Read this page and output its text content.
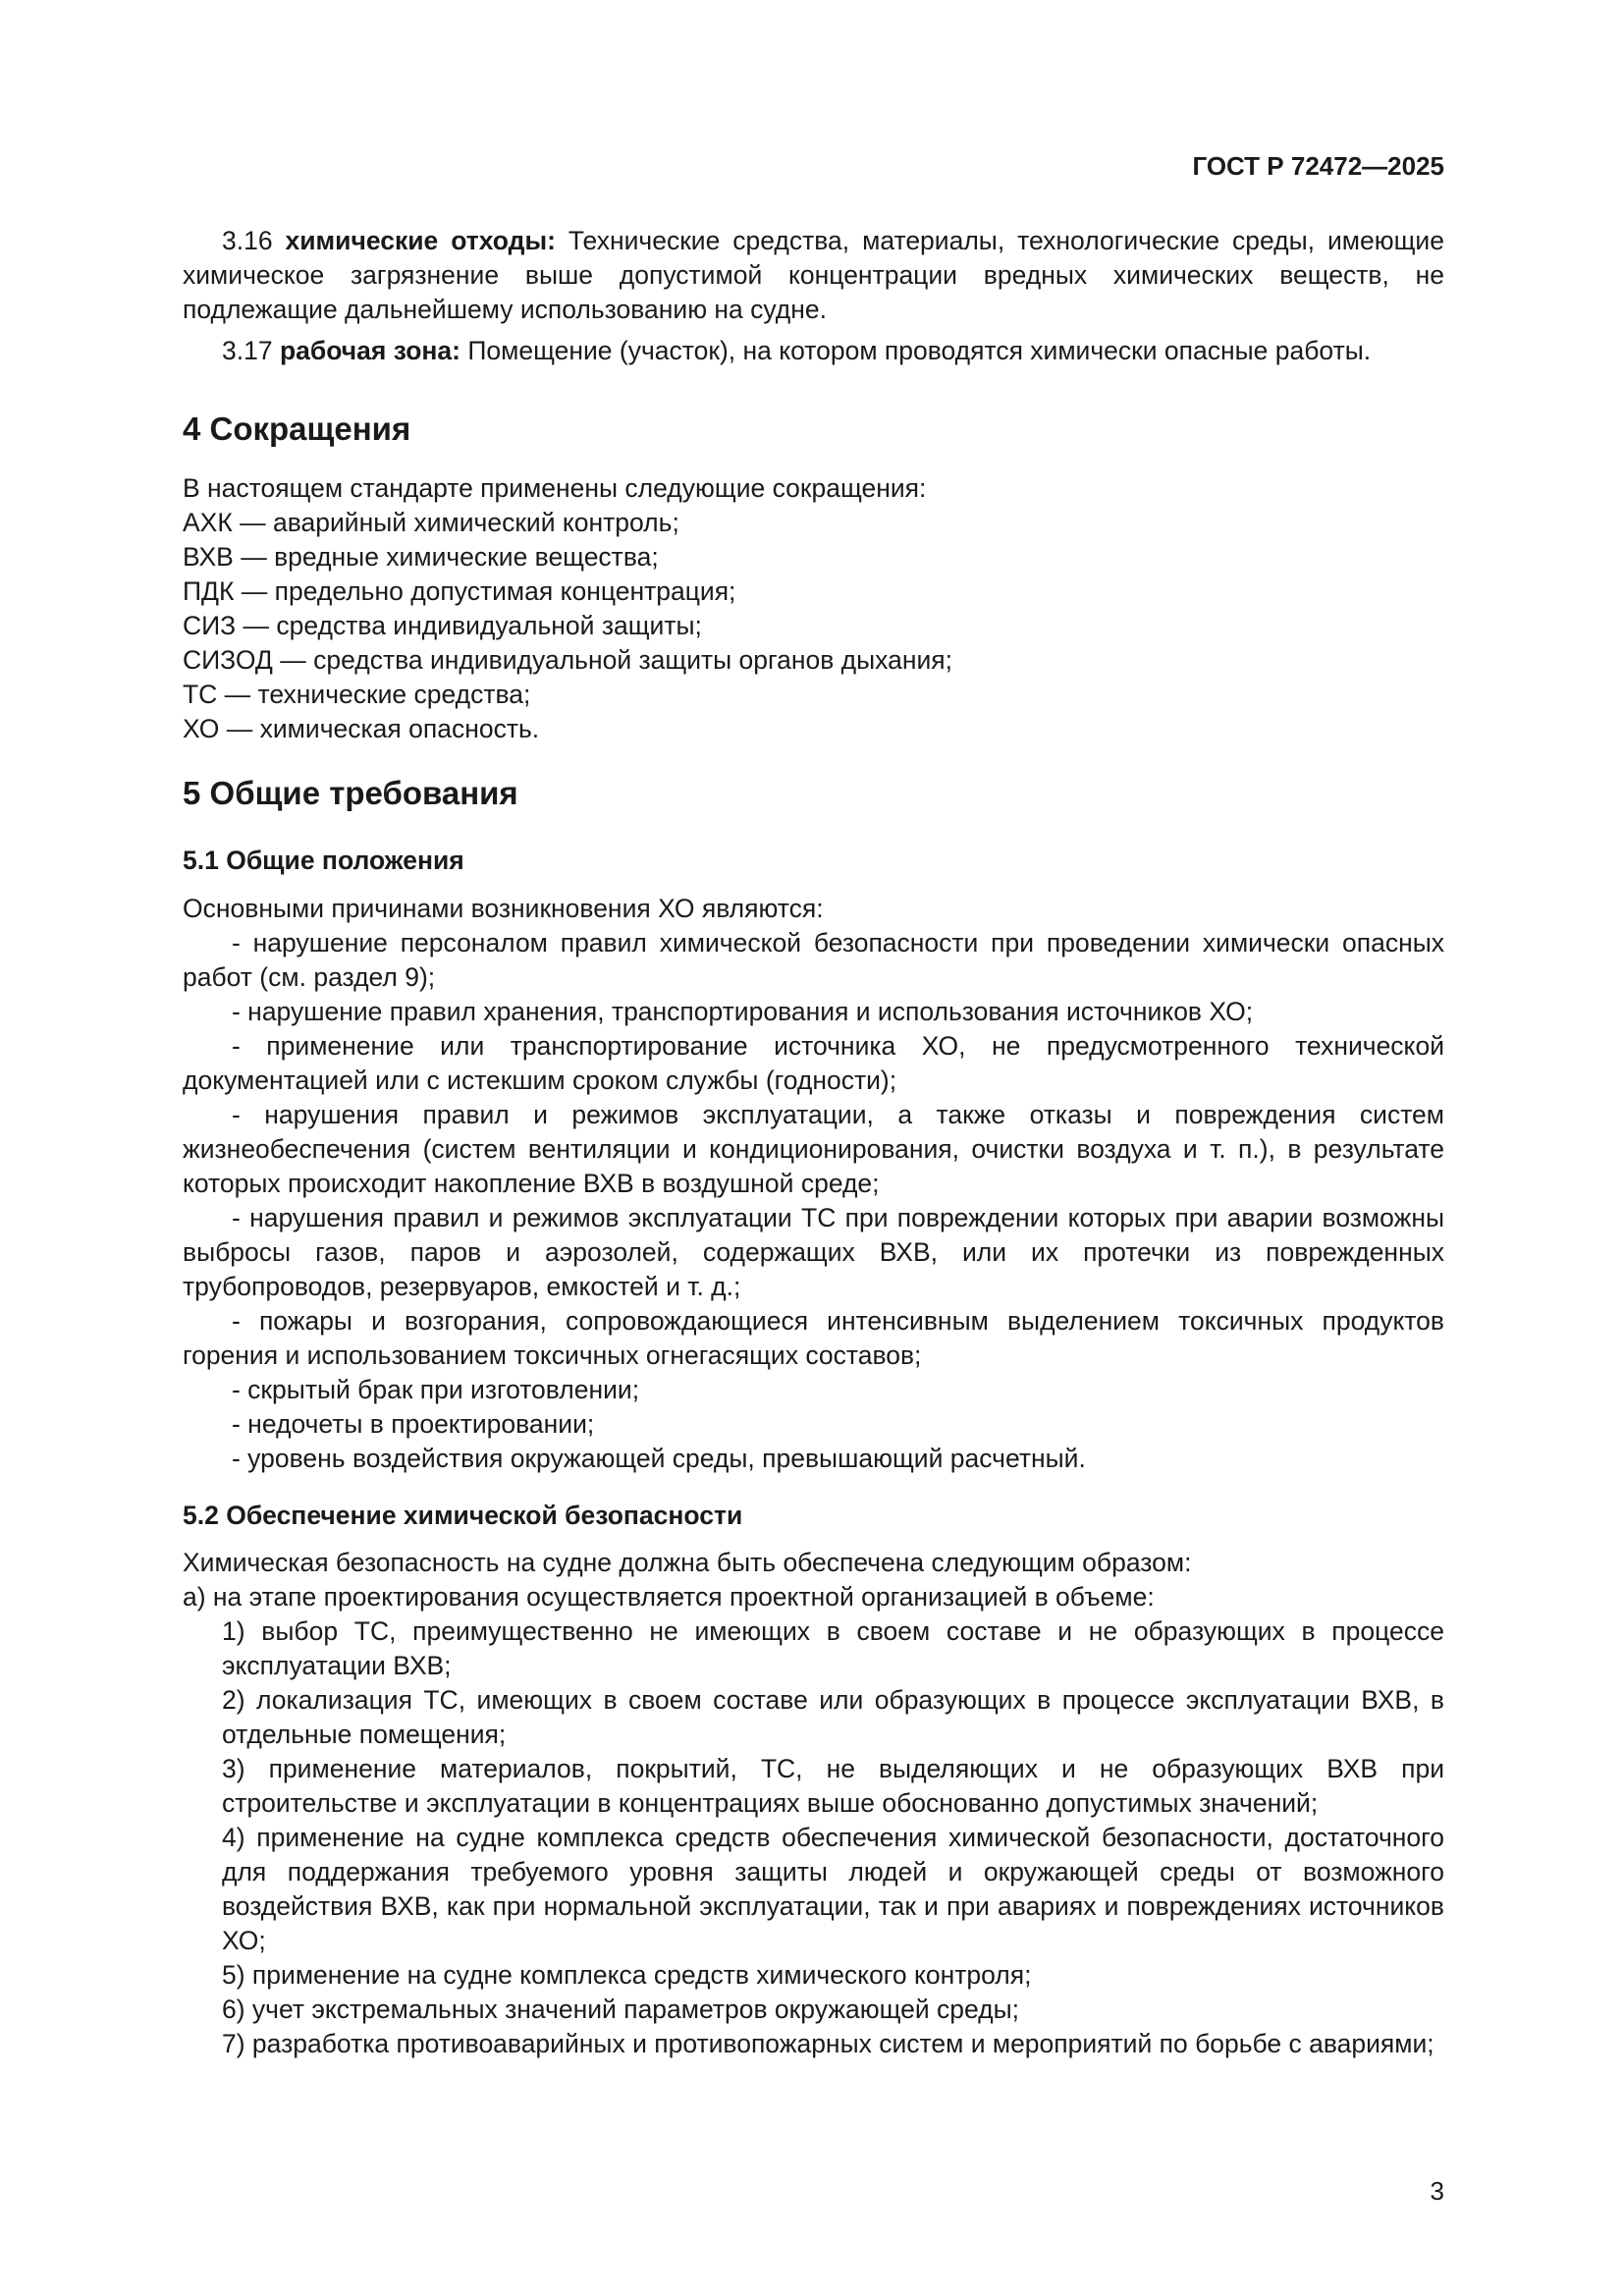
ГОСТ Р 72472—2025
3.16 химические отходы: Технические средства, материалы, технологические среды, имеющие химическое загрязнение выше допустимой концентрации вредных химических веществ, не подлежащие дальнейшему использованию на судне.
3.17 рабочая зона: Помещение (участок), на котором проводятся химически опасные работы.
4 Сокращения
В настоящем стандарте применены следующие сокращения:
АХК — аварийный химический контроль;
ВХВ — вредные химические вещества;
ПДК — предельно допустимая концентрация;
СИЗ — средства индивидуальной защиты;
СИЗОД — средства индивидуальной защиты органов дыхания;
ТС — технические средства;
ХО — химическая опасность.
5 Общие требования
5.1 Общие положения
Основными причинами возникновения ХО являются:
- нарушение персоналом правил химической безопасности при проведении химически опасных работ (см. раздел 9);
- нарушение правил хранения, транспортирования и использования источников ХО;
- применение или транспортирование источника ХО, не предусмотренного технической документацией или с истекшим сроком службы (годности);
- нарушения правил и режимов эксплуатации, а также отказы и повреждения систем жизнеобеспечения (систем вентиляции и кондиционирования, очистки воздуха и т. п.), в результате которых происходит накопление ВХВ в воздушной среде;
- нарушения правил и режимов эксплуатации ТС при повреждении которых при аварии возможны выбросы газов, паров и аэрозолей, содержащих ВХВ, или их протечки из поврежденных трубопроводов, резервуаров, емкостей и т. д.;
- пожары и возгорания, сопровождающиеся интенсивным выделением токсичных продуктов горения и использованием токсичных огнегасящих составов;
- скрытый брак при изготовлении;
- недочеты в проектировании;
- уровень воздействия окружающей среды, превышающий расчетный.
5.2 Обеспечение химической безопасности
Химическая безопасность на судне должна быть обеспечена следующим образом:
а) на этапе проектирования осуществляется проектной организацией в объеме:
1) выбор ТС, преимущественно не имеющих в своем составе и не образующих в процессе эксплуатации ВХВ;
2) локализация ТС, имеющих в своем составе или образующих в процессе эксплуатации ВХВ, в отдельные помещения;
3) применение материалов, покрытий, ТС, не выделяющих и не образующих ВХВ при строительстве и эксплуатации в концентрациях выше обоснованно допустимых значений;
4) применение на судне комплекса средств обеспечения химической безопасности, достаточного для поддержания требуемого уровня защиты людей и окружающей среды от возможного воздействия ВХВ, как при нормальной эксплуатации, так и при авариях и повреждениях источников ХО;
5) применение на судне комплекса средств химического контроля;
6) учет экстремальных значений параметров окружающей среды;
7) разработка противоаварийных и противопожарных систем и мероприятий по борьбе с авариями;
3
